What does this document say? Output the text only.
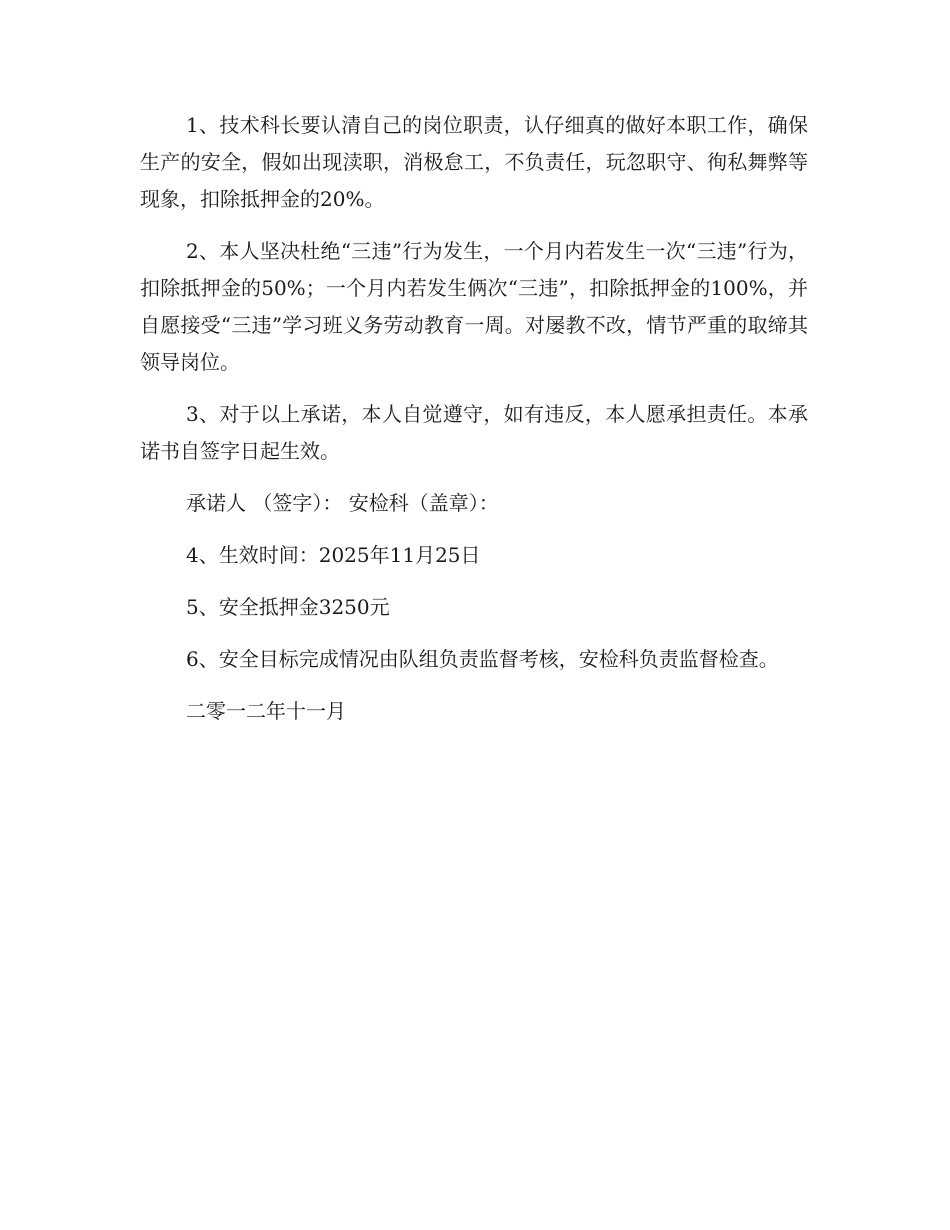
1、技术科长要认清自己的岗位职责，认仔细真的做好本职工作，确保生产的安全，假如出现渎职，消极怠工，不负责任，玩忽职守、徇私舞弊等现象，扣除抵押金的20%。

2、本人坚决杜绝“三违”行为发生，一个月内若发生一次“三违”行为，扣除抵押金的50%；一个月内若发生俩次“三违”，扣除抵押金的100%，并自愿接受“三违”学习班义务劳动教育一周。对屡教不改，情节严重的取缔其领导岗位。

3、对于以上承诺，本人自觉遵守，如有违反，本人愿承担责任。本承诺书自签字日起生效。

承诺人 （签字）： 安检科（盖章）：

4、生效时间：2025年11月25日

5、安全抵押金3250元

6、安全目标完成情况由队组负责监督考核，安检科负责监督检查。

二零一二年十一月
